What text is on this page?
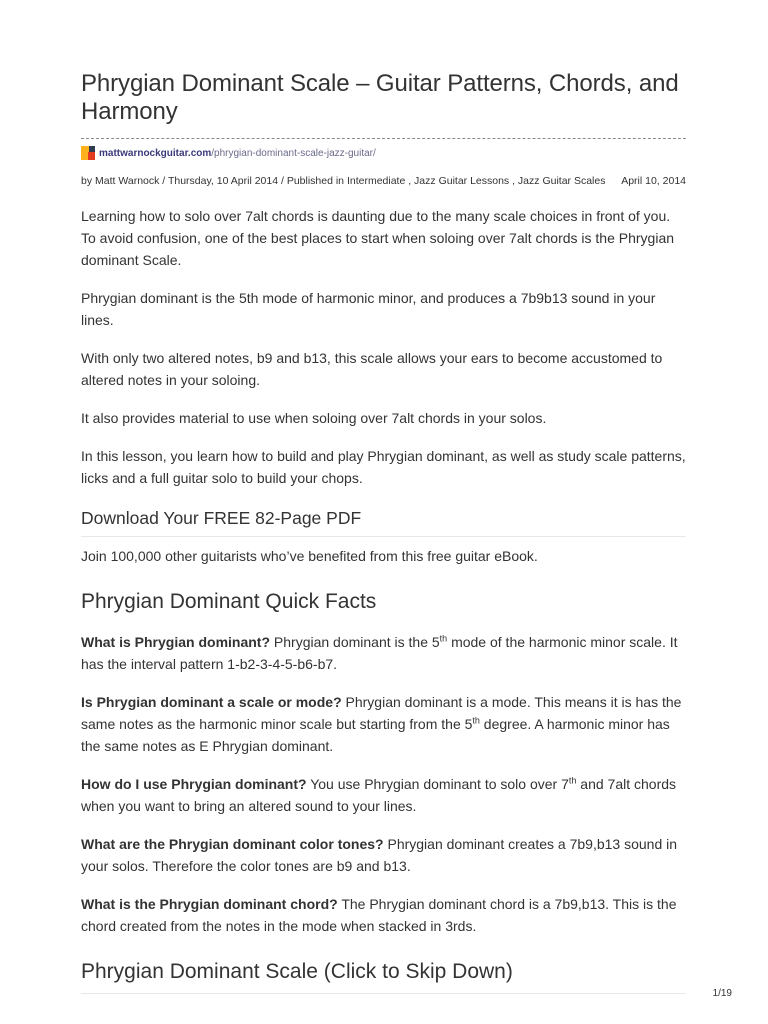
Phrygian Dominant Scale – Guitar Patterns, Chords, and Harmony
mattwarnockguitar.com /phrygian-dominant-scale-jazz-guitar/
by Matt Warnock / Thursday, 10 April 2014 / Published in Intermediate , Jazz Guitar Lessons , Jazz Guitar Scales April 10, 2014

Learning how to solo over 7alt chords is daunting due to the many scale choices in front of you. To avoid confusion, one of the best places to start when soloing over 7alt chords is the Phrygian dominant Scale.

Phrygian dominant is the 5th mode of harmonic minor, and produces a 7b9b13 sound in your lines.

With only two altered notes, b9 and b13, this scale allows your ears to become accustomed to altered notes in your soloing.

It also provides material to use when soloing over 7alt chords in your solos.

In this lesson, you learn how to build and play Phrygian dominant, as well as study scale patterns, licks and a full guitar solo to build your chops.

Download Your FREE 82-Page PDF

Join 100,000 other guitarists who’ve benefited from this free guitar eBook.

Phrygian Dominant Quick Facts

What is Phrygian dominant? Phrygian dominant is the 5th mode of the harmonic minor scale. It has the interval pattern 1-b2-3-4-5-b6-b7.

Is Phrygian dominant a scale or mode? Phrygian dominant is a mode. This means it is has the same notes as the harmonic minor scale but starting from the 5th degree. A harmonic minor has the same notes as E Phrygian dominant.

How do I use Phrygian dominant? You use Phrygian dominant to solo over 7th and 7alt chords when you want to bring an altered sound to your lines.

What are the Phrygian dominant color tones? Phrygian dominant creates a 7b9,b13 sound in your solos. Therefore the color tones are b9 and b13.

What is the Phrygian dominant chord? The Phrygian dominant chord is a 7b9,b13. This is the chord created from the notes in the mode when stacked in 3rds.

Phrygian Dominant Scale (Click to Skip Down)
1/19
